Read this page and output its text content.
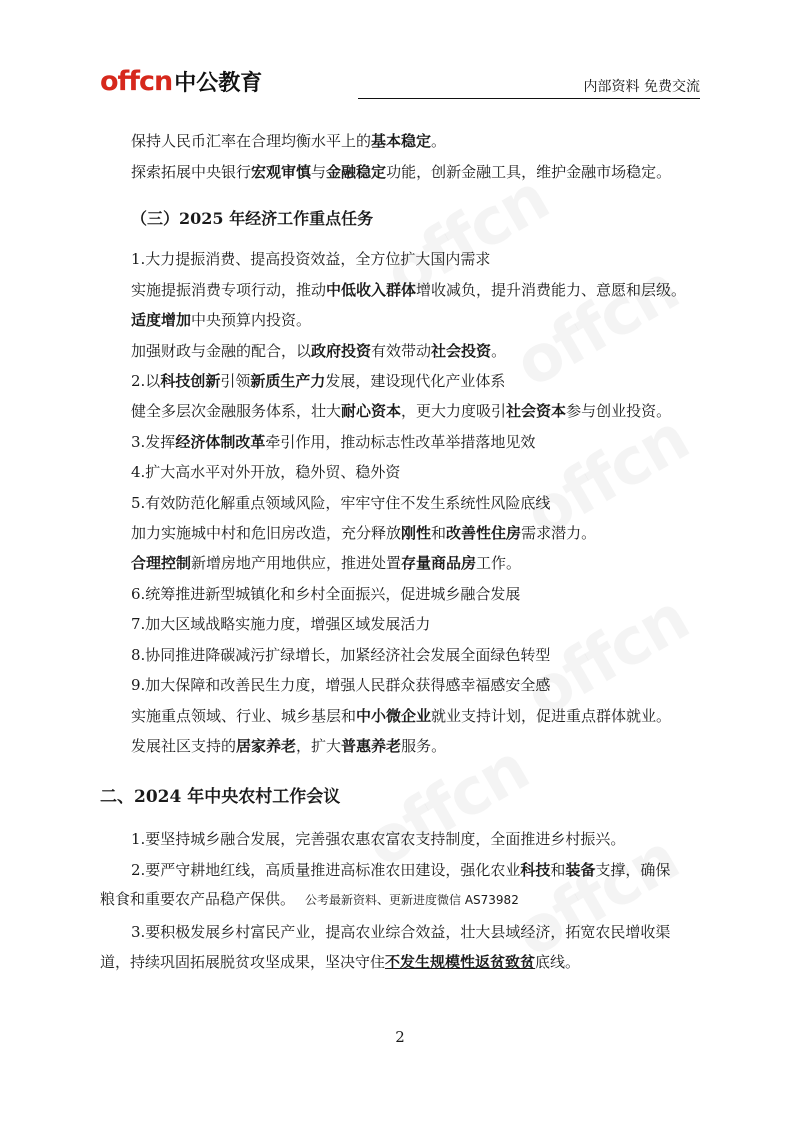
offcn中公教育	内部资料 免费交流
保持人民币汇率在合理均衡水平上的基本稳定。
探索拓展中央银行宏观审慎与金融稳定功能，创新金融工具，维护金融市场稳定。
（三）2025 年经济工作重点任务
1.大力提振消费、提高投资效益，全方位扩大国内需求
实施提振消费专项行动，推动中低收入群体增收减负，提升消费能力、意愿和层级。
适度增加中央预算内投资。
加强财政与金融的配合，以政府投资有效带动社会投资。
2.以科技创新引领新质生产力发展，建设现代化产业体系
健全多层次金融服务体系，壮大耐心资本，更大力度吸引社会资本参与创业投资。
3.发挥经济体制改革牵引作用，推动标志性改革举措落地见效
4.扩大高水平对外开放，稳外贸、稳外资
5.有效防范化解重点领域风险，牢牢守住不发生系统性风险底线
加力实施城中村和危旧房改造，充分释放刚性和改善性住房需求潜力。
合理控制新增房地产用地供应，推进处置存量商品房工作。
6.统筹推进新型城镇化和乡村全面振兴，促进城乡融合发展
7.加大区域战略实施力度，增强区域发展活力
8.协同推进降碳减污扩绿增长，加紧经济社会发展全面绿色转型
9.加大保障和改善民生力度，增强人民群众获得感幸福感安全感
实施重点领域、行业、城乡基层和中小微企业就业支持计划，促进重点群体就业。
发展社区支持的居家养老，扩大普惠养老服务。
二、2024 年中央农村工作会议
1.要坚持城乡融合发展，完善强农惠农富农支持制度，全面推进乡村振兴。
2.要严守耕地红线，高质量推进高标准农田建设，强化农业科技和装备支撑，确保
粮食和重要农产品稳产保供。 公考最新资料、更新进度微信 AS73982
3.要积极发展乡村富民产业，提高农业综合效益，壮大县域经济，拓宽农民增收渠
道，持续巩固拓展脱贫攻坚成果，坚决守住不发生规模性返贫致贫底线。
2
